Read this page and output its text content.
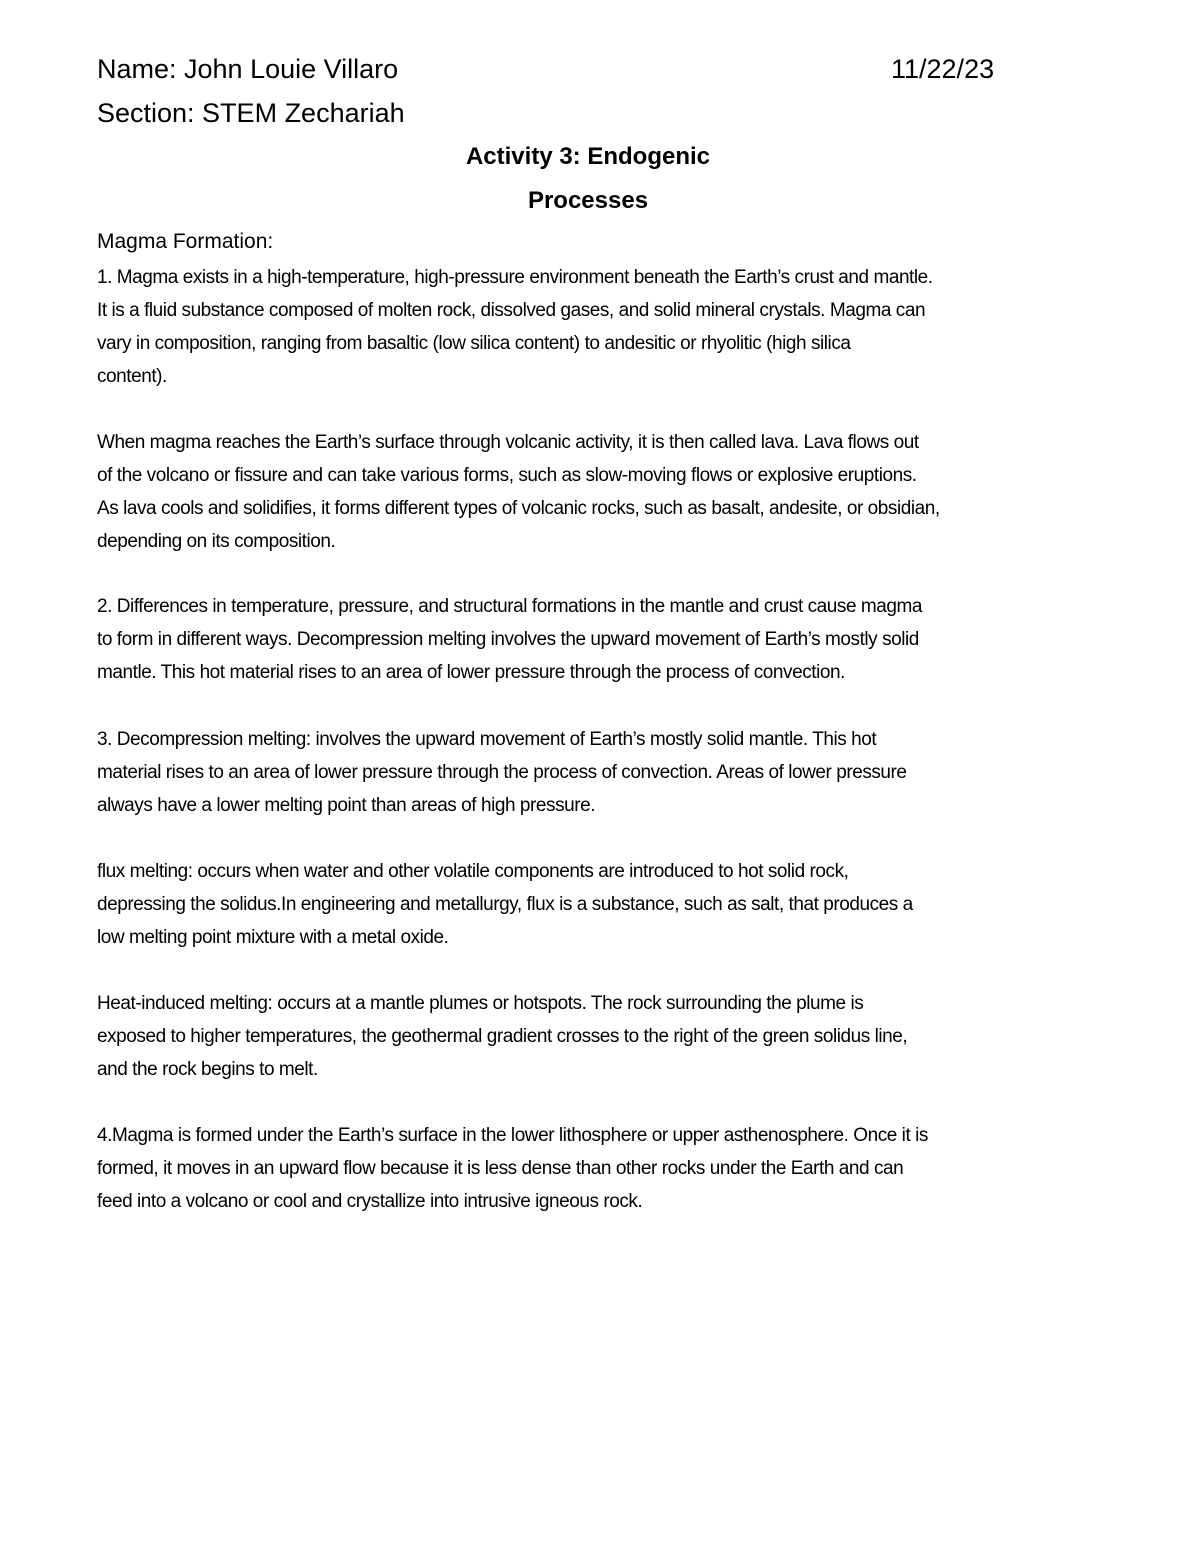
Name: John Louie Villaro	11/22/23
Section: STEM Zechariah
Activity 3: Endogenic
Processes
Magma Formation:
1. Magma exists in a high-temperature, high-pressure environment beneath the Earth’s crust and mantle.
It is a fluid substance composed of molten rock, dissolved gases, and solid mineral crystals. Magma can
vary in composition, ranging from basaltic (low silica content) to andesitic or rhyolitic (high silica
content).
When magma reaches the Earth’s surface through volcanic activity, it is then called lava. Lava flows out
of the volcano or fissure and can take various forms, such as slow-moving flows or explosive eruptions.
As lava cools and solidifies, it forms different types of volcanic rocks, such as basalt, andesite, or obsidian,
depending on its composition.
2. Differences in temperature, pressure, and structural formations in the mantle and crust cause magma
to form in different ways. Decompression melting involves the upward movement of Earth’s mostly solid
mantle. This hot material rises to an area of lower pressure through the process of convection.
3. Decompression melting: involves the upward movement of Earth’s mostly solid mantle. This hot
material rises to an area of lower pressure through the process of convection. Areas of lower pressure
always have a lower melting point than areas of high pressure.
flux melting: occurs when water and other volatile components are introduced to hot solid rock,
depressing the solidus.In engineering and metallurgy, flux is a substance, such as salt, that produces a
low melting point mixture with a metal oxide.
Heat-induced melting: occurs at a mantle plumes or hotspots. The rock surrounding the plume is
exposed to higher temperatures, the geothermal gradient crosses to the right of the green solidus line,
and the rock begins to melt.
4.Magma is formed under the Earth’s surface in the lower lithosphere or upper asthenosphere. Once it is
formed, it moves in an upward flow because it is less dense than other rocks under the Earth and can
feed into a volcano or cool and crystallize into intrusive igneous rock.
